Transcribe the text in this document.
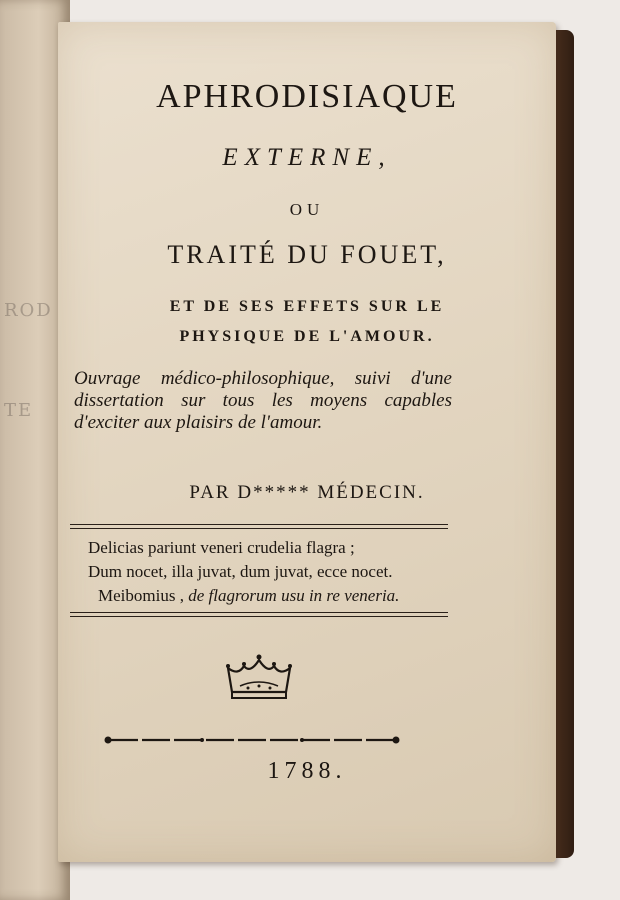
ROD
TE
APHRODISIAQUE
EXTERNE,
OU
TRAITÉ DU FOUET,
ET DE SES EFFETS SUR LE
PHYSIQUE DE L'AMOUR.
Ouvrage médico-philosophique, suivi d'une dissertation sur tous les moyens capables d'exciter aux plaisirs de l'amour.
PAR D***** MÉDECIN.
Delicias pariunt veneri crudelia flagra ;
Dum nocet, illa juvat, dum juvat, ecce nocet.
Meibomius , de flagrorum usu in re veneria.
1788.
